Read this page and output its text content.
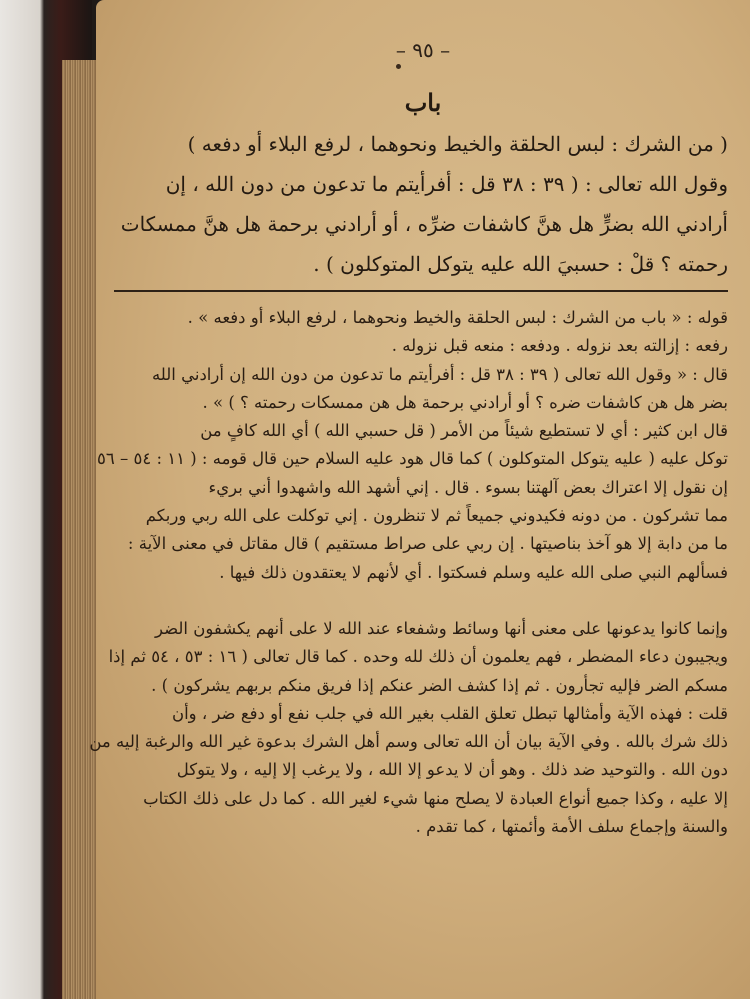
– ٩٥ –
باب

( من الشرك : لبس الحلقة والخيط ونحوهما ، لرفع البلاء أو دفعه )

وقول الله تعالى : ( ٣٩ : ٣٨ قل : أفرأيتم ما تدعون من دون الله ، إن

أرادني الله بضرٍّ هل هنَّ كاشفات ضرِّه ، أو أرادني برحمة هل هنَّ ممسكات

رحمته ؟ قلْ : حسبيَ الله عليه يتوكل المتوكلون ) .

قوله : « باب من الشرك : لبس الحلقة والخيط ونحوهما ، لرفع البلاء أو دفعه » .

رفعه : إزالته بعد نزوله . ودفعه : منعه قبل نزوله .

قال : « وقول الله تعالى ( ٣٩ : ٣٨ قل : أفرأيتم ما تدعون من دون الله إن أرادني الله

بضر هل هن كاشفات ضره ؟ أو أرادني برحمة هل هن ممسكات رحمته ؟ ) » .

قال ابن كثير : أي لا تستطيع شيئاً من الأمر ( قل حسبي الله ) أي الله كافٍ من

توكل عليه ( عليه يتوكل المتوكلون ) كما قال هود عليه السلام حين قال قومه : ( ١١ : ٥٤ – ٥٦

إن نقول إلا اعتراك بعض آلهتنا بسوء . قال . إني أشهد الله واشهدوا أني بريء

مما تشركون . من دونه فكيدوني جميعاً ثم لا تنظرون . إني توكلت على الله ربي وربكم

ما من دابة إلا هو آخذ بناصيتها . إن ربي على صراط مستقيم ) قال مقاتل في معنى الآية :

فسألهم النبي صلى الله عليه وسلم فسكتوا . أي لأنهم لا يعتقدون ذلك فيها .

وإنما كانوا يدعونها على معنى أنها وسائط وشفعاء عند الله لا على أنهم يكشفون الضر

ويجيبون دعاء المضطر ، فهم يعلمون أن ذلك لله وحده . كما قال تعالى ( ١٦ : ٥٣ ، ٥٤ ثم إذا

مسكم الضر فإليه تجأرون . ثم إذا كشف الضر عنكم إذا فريق منكم بربهم يشركون ) .

قلت : فهذه الآية وأمثالها تبطل تعلق القلب بغير الله في جلب نفع أو دفع ضر ، وأن

ذلك شرك بالله . وفي الآية بيان أن الله تعالى وسم أهل الشرك بدعوة غير الله والرغبة إليه من

دون الله . والتوحيد ضد ذلك . وهو أن لا يدعو إلا الله ، ولا يرغب إلا إليه ، ولا يتوكل

إلا عليه ، وكذا جميع أنواع العبادة لا يصلح منها شيء لغير الله . كما دل على ذلك الكتاب

والسنة وإجماع سلف الأمة وأئمتها ، كما تقدم .
